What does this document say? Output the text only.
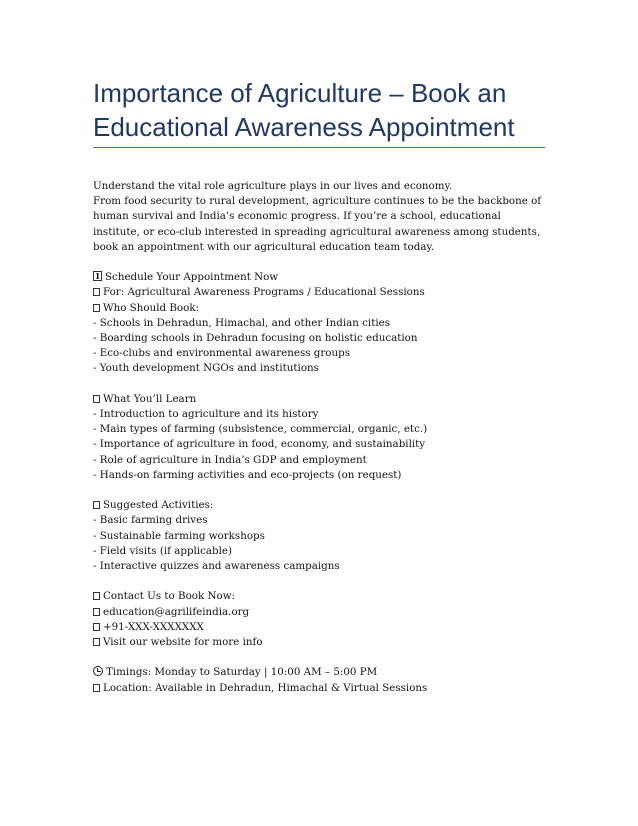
Importance of Agriculture – Book an Educational Awareness Appointment

Understand the vital role agriculture plays in our lives and economy.

From food security to rural development, agriculture continues to be the backbone of human survival and India’s economic progress. If you’re a school, educational institute, or eco-club interested in spreading agricultural awareness among students, book an appointment with our agricultural education team today.

1 Schedule Your Appointment Now
For: Agricultural Awareness Programs / Educational Sessions
Who Should Book:
- Schools in Dehradun, Himachal, and other Indian cities
- Boarding schools in Dehradun focusing on holistic education
- Eco-clubs and environmental awareness groups
- Youth development NGOs and institutions
What You’ll Learn
- Introduction to agriculture and its history
- Main types of farming (subsistence, commercial, organic, etc.)
- Importance of agriculture in food, economy, and sustainability
- Role of agriculture in India’s GDP and employment
- Hands-on farming activities and eco-projects (on request)
Suggested Activities:
- Basic farming drives
- Sustainable farming workshops
- Field visits (if applicable)
- Interactive quizzes and awareness campaigns
Contact Us to Book Now:
education@agrilifeindia.org
+91-XXX-XXXXXXX
Visit our website for more info
Timings: Monday to Saturday | 10:00 AM – 5:00 PM
Location: Available in Dehradun, Himachal & Virtual Sessions
